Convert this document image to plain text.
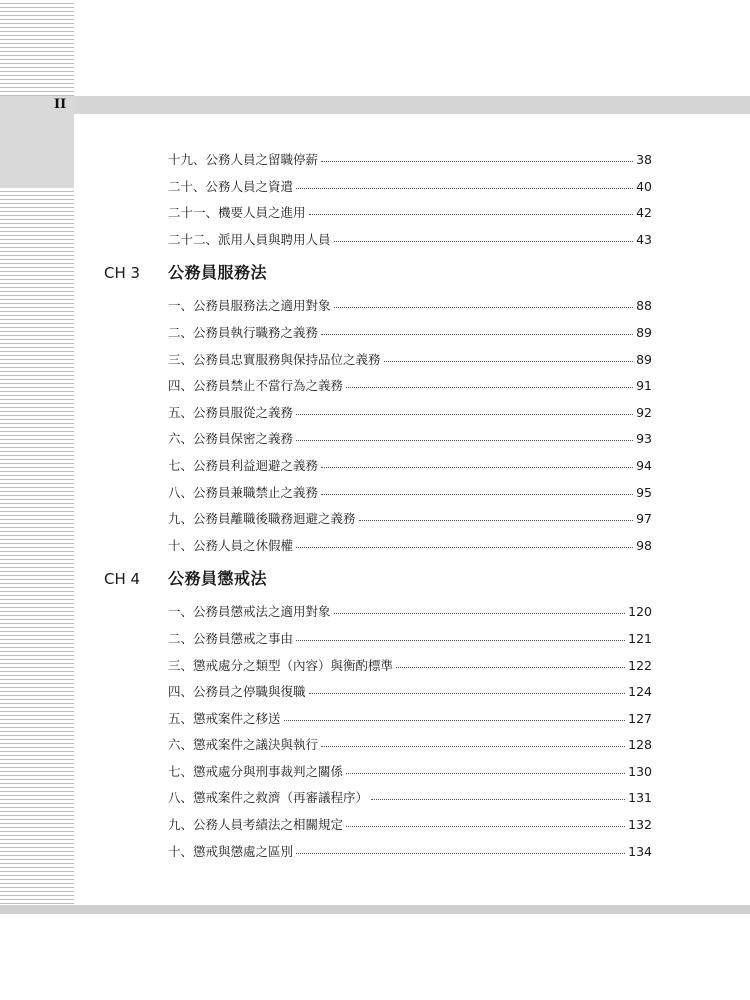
II
十九、公務人員之留職停薪	38
二十、公務人員之資遣	40
二十一、機要人員之進用	42
二十二、派用人員與聘用人員	43
CH 3	公務員服務法
一、公務員服務法之適用對象	88
二、公務員執行職務之義務	89
三、公務員忠實服務與保持品位之義務	89
四、公務員禁止不當行為之義務	91
五、公務員服從之義務	92
六、公務員保密之義務	93
七、公務員利益迴避之義務	94
八、公務員兼職禁止之義務	95
九、公務員離職後職務迴避之義務	97
十、公務人員之休假權	98
CH 4	公務員懲戒法
一、公務員懲戒法之適用對象	120
二、公務員懲戒之事由	121
三、懲戒處分之類型（內容）與衡酌標準	122
四、公務員之停職與復職	124
五、懲戒案件之移送	127
六、懲戒案件之議決與執行	128
七、懲戒處分與刑事裁判之關係	130
八、懲戒案件之救濟（再審議程序）	131
九、公務人員考績法之相關規定	132
十、懲戒與懲處之區別	134
